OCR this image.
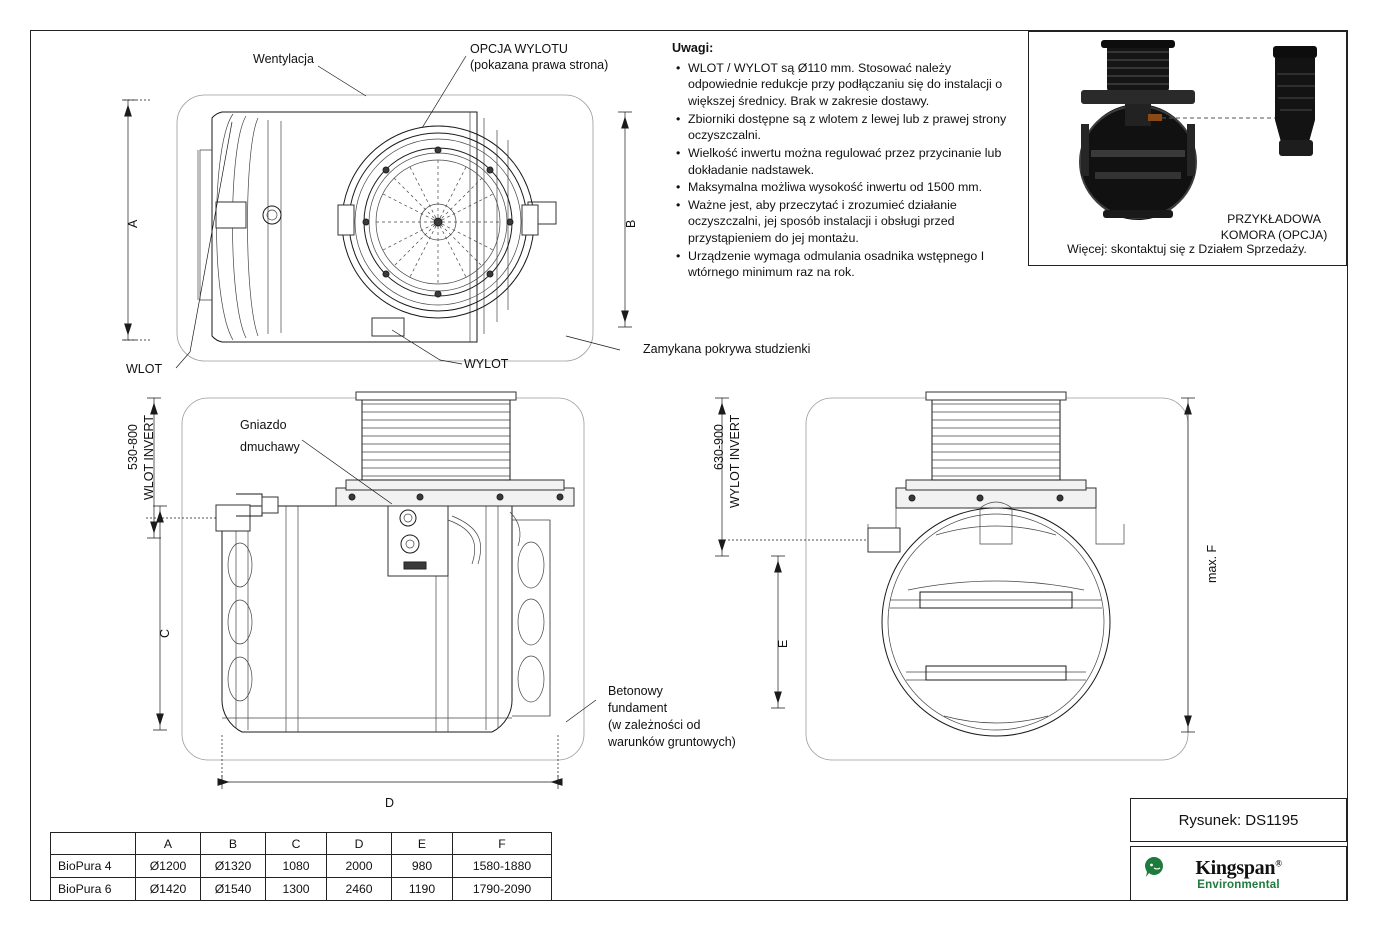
PRZYKŁADOWA
KOMORA (OPCJA)
Więcej: skontaktuj się z Działem Sprzedaży.
Uwagi:
• WLOT / WYLOT są Ø110 mm. Stosować należy odpowiednie redukcje przy podłączaniu się do instalacji o większej średnicy. Brak w zakresie dostawy.
• Zbiorniki dostępne są z wlotem z lewej lub z prawej strony oczyszczalni.
• Wielkość inwertu można regulować przez przycinanie lub dokładanie nadstawek.
• Maksymalna możliwa wysokość inwertu od 1500 mm.
• Ważne jest, aby przeczytać i zrozumieć działanie oczyszczalni, jej sposób instalacji i obsługi przed przystąpieniem do jej montażu.
• Urządzenie wymaga odmulania osadnika wstępnego I wtórnego minimum raz na rok.
Wentylacja
OPCJA WYLOTU
(pokazana prawa strona)
WLOT	WYLOT
Zamykana pokrywa studzienki
Gniazdo
dmuchawy
Betonowy
fundament
(w zależności od
warunków gruntowych)
A	B
C
D
E
max. F
530-800 WLOT INVERT	630-900 WYLOT INVERT
	A	B	C	D	E	F
BioPura 4	Ø1200	Ø1320	1080	2000	980	1580-1880
BioPura 6	Ø1420	Ø1540	1300	2460	1190	1790-2090
Rysunek: DS1195
Kingspan®
Environmental
